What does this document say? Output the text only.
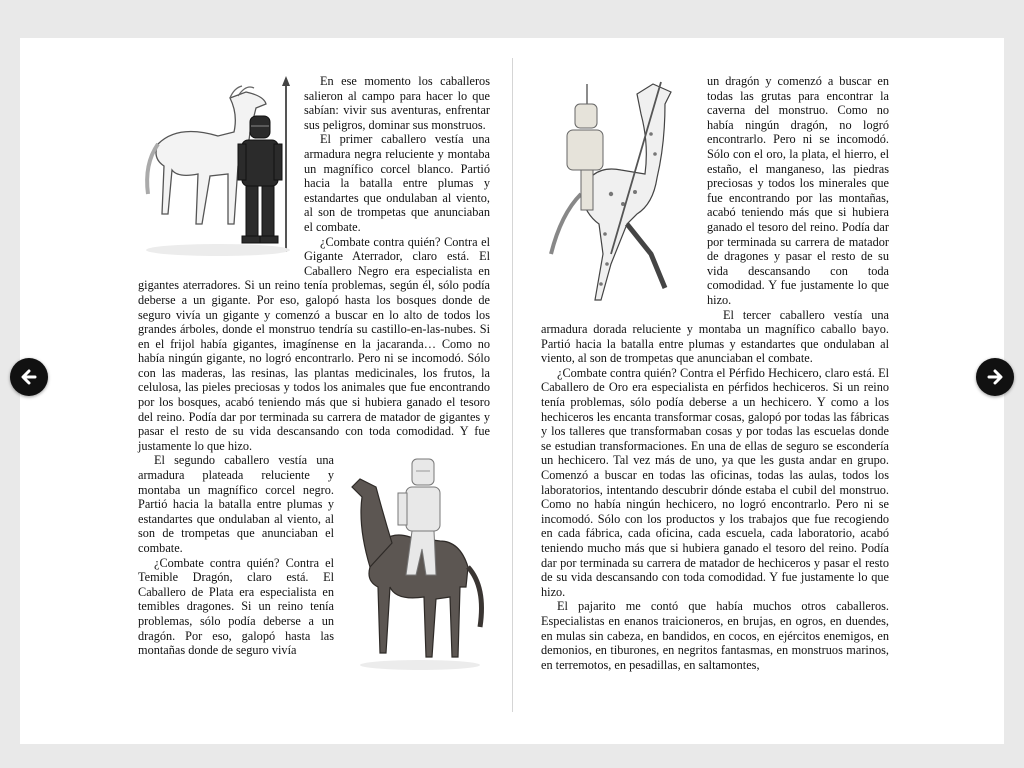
En ese momento los caballeros salieron al campo para hacer lo que sabían: vivir sus aventuras, enfrentar sus peligros, dominar sus monstruos.

El primer caballero vestía una armadura negra reluciente y montaba un magnífico corcel blanco. Partió hacia la batalla entre plumas y estandartes que ondulaban al viento, al son de trompetas que anunciaban el combate.

¿Combate contra quién? Contra el Gigante Aterrador, claro está. El Caballero Negro era especialista en gigantes aterradores. Si un reino tenía problemas, según él, sólo podía deberse a un gigante. Por eso, galopó hasta los bosques donde de seguro vivía un gigante y comenzó a buscar en lo alto de todos los grandes árboles, donde el monstruo tendría su castillo-en-las-nubes. Si en el frijol había gigantes, imagínense en la jacaranda… Como no había ningún gigante, no logró encontrarlo. Pero ni se incomodó. Sólo con las maderas, las resinas, las plantas medicinales, los frutos, la celulosa, las pieles preciosas y todos los animales que fue encontrando por los bosques, acabó teniendo más que si hubiera ganado el tesoro del reino. Podía dar por terminada su carrera de matador de gigantes y pasar el resto de su vida descansando con toda comodidad. Y fue justamente lo que hizo.

El segundo caballero vestía una armadura plateada reluciente y montaba un magnífico corcel negro. Partió hacia la batalla entre plumas y estandartes que ondulaban al viento, al son de trompetas que anunciaban el combate.

¿Combate contra quién? Contra el Temible Dragón, claro está. El Caballero de Plata era especialista en temibles dragones. Si un reino tenía problemas, sólo podía deberse a un dragón. Por eso, galopó hasta las montañas donde de seguro vivía

un dragón y comenzó a buscar en todas las grutas para encontrar la caverna del monstruo. Como no había ningún dragón, no logró encontrarlo. Pero ni se incomodó. Sólo con el oro, la plata, el hierro, el estaño, el manganeso, las piedras preciosas y todos los minerales que fue encontrando por las montañas, acabó teniendo más que si hubiera ganado el tesoro del reino. Podía dar por terminada su carrera de matador de dragones y pasar el resto de su vida descansando con toda comodidad. Y fue justamente lo que hizo.

El tercer caballero vestía una armadura dorada reluciente y montaba un magnífico caballo bayo. Partió hacia la batalla entre plumas y estandartes que ondulaban al viento, al son de trompetas que anunciaban el combate.

¿Combate contra quién? Contra el Pérfido Hechicero, claro está. El Caballero de Oro era especialista en pérfidos hechiceros. Si un reino tenía problemas, sólo podía deberse a un hechicero. Y como a los hechiceros les encanta transformar cosas, galopó por todas las fábricas y los talleres que transformaban cosas y por todas las escuelas donde se estudian transformaciones. En una de ellas de seguro se escondería un hechicero. Tal vez más de uno, ya que les gusta andar en grupo. Comenzó a buscar en todas las oficinas, todas las aulas, todos los laboratorios, intentando descubrir dónde estaba el cubil del monstruo. Como no había ningún hechicero, no logró encontrarlo. Pero ni se incomodó. Sólo con los productos y los trabajos que fue recogiendo en cada fábrica, cada oficina, cada escuela, cada laboratorio, acabó teniendo mucho más que si hubiera ganado el tesoro del reino. Podía dar por terminada su carrera de matador de hechiceros y pasar el resto de su vida descansando con toda comodidad. Y fue justamente lo que hizo.

El pajarito me contó que había muchos otros caballeros. Especialistas en enanos traicioneros, en brujas, en ogros, en duendes, en mulas sin cabeza, en bandidos, en cocos, en ejércitos enemigos, en demonios, en tiburones, en negritos fantasmas, en monstruos marinos, en terremotos, en pesadillas, en saltamontes,
